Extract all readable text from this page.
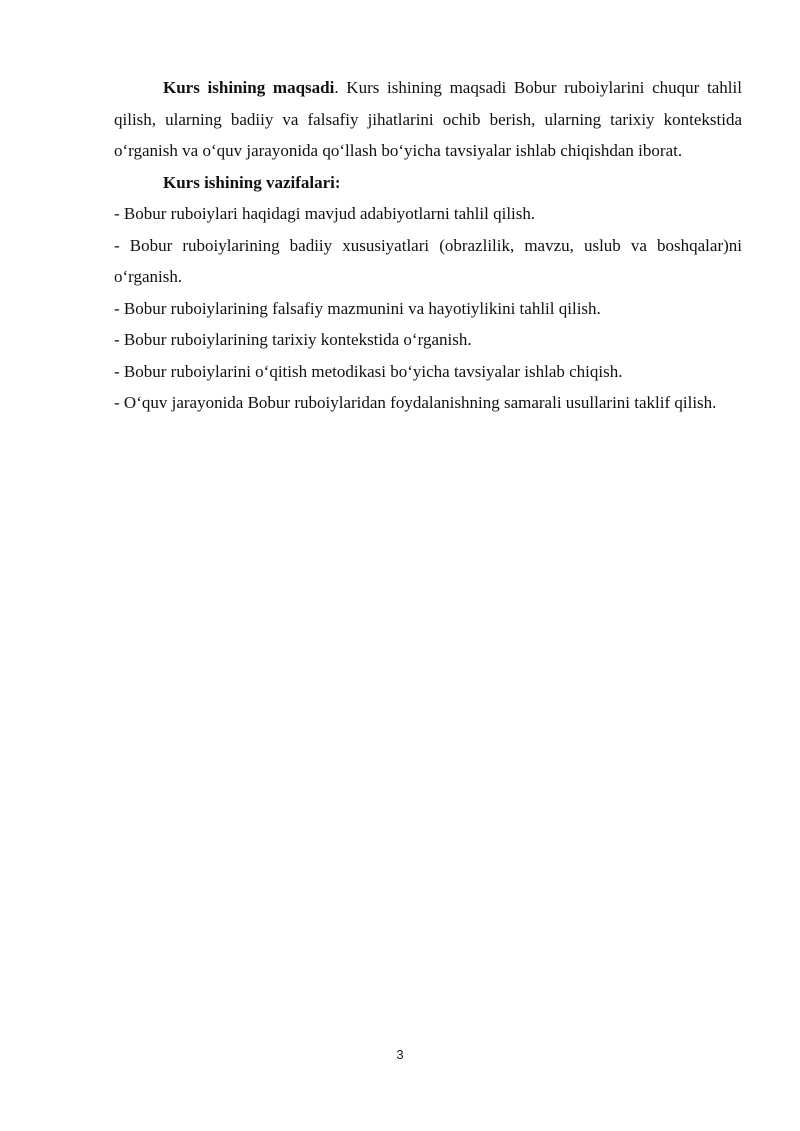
Kurs ishining maqsadi. Kurs ishining maqsadi Bobur ruboiylarini chuqur tahlil qilish, ularning badiiy va falsafiy jihatlarini ochib berish, ularning tarixiy kontekstida o‘rganish va o‘quv jarayonida qo‘llash bo‘yicha tavsiyalar ishlab chiqishdan iborat.

Kurs ishining vazifalari:

- Bobur ruboiylari haqidagi mavjud adabiyotlarni tahlil qilish.

- Bobur ruboiylarining badiiy xususiyatlari (obrazlilik, mavzu, uslub va boshqalar)ni o‘rganish.

- Bobur ruboiylarining falsafiy mazmunini va hayotiylikini tahlil qilish.

- Bobur ruboiylarining tarixiy kontekstida o‘rganish.

- Bobur ruboiylarini o‘qitish metodikasi bo‘yicha tavsiyalar ishlab chiqish.

- O‘quv jarayonida Bobur ruboiylaridan foydalanishning samarali usullarini taklif qilish.

3
